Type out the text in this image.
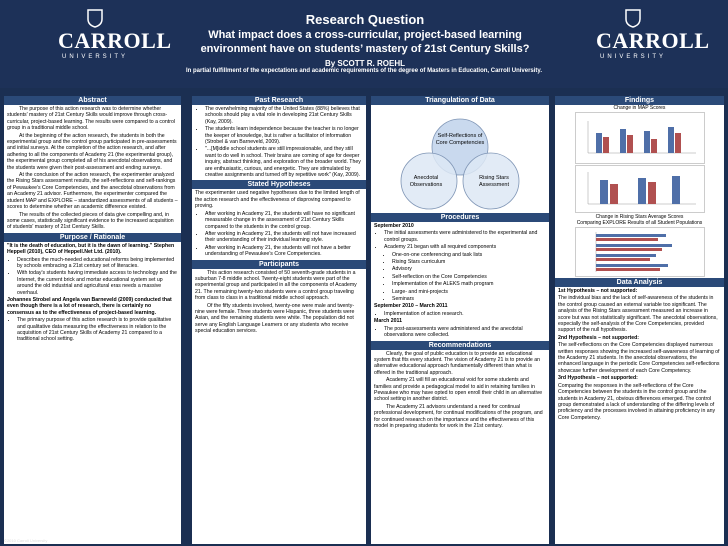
CARROLL
UNIVERSITY
Research Question
What impact does a cross-curricular, project-based learning
environment have on students’ mastery of 21st Century Skills?
By SCOTT R. ROEHL
In partial fulfillment of the expectations and academic requirements of the degree of Masters in Education, Carroll University.
CARROLL
UNIVERSITY
Abstract

The purpose of this action research was to determine whether students' mastery of 21st Century Skills would improve through cross-curricular, project-based learning. The results were compared to a control group in a traditional middle school.

At the beginning of the action research, the students in both the experimental group and the control group participated in pre-assessments and initial surveys. At the completion of the action research, and after adhering to all the components of Academy 21 (the experimental group), the experimental group completed all of his anecdotal observations, and the students were given their post-assessment and ending surveys.

At the conclusion of the action research, the experimenter analyzed the Rising Stars assessment results, the self-reflections and self-rankings of Pewaukee's Core Competencies, and the anecdotal observations from an Academy 21 advisor. Furthermore, the experimenter compared the student MAP and EXPLORE – standardized assessments of all students – scores to determine whether an academic difference existed.

The results of the collected pieces of data give compelling and, in some cases, statistically significant evidence to the increased acquisition of students' mastery of 21st Century Skills.

Purpose / Rationale

"It is the death of education, but it is the dawn of learning." Stephen Heppell (2010), CEO of Heppell.Net Ltd. (2010).

• Describes the much-needed educational reforms being implemented by schools embracing a 21st century set of literacies.
• With today's students having immediate access to technology and the Internet, the current brick and mortar educational system set up around the old industrial and agricultural eras needs a massive overhaul.

Johannes Strobel and Angela van Barneveld (2009) conducted that even though there is a lot of research, there is certainly no consensus as to the effectiveness of project-based learning.

• The primary purpose of this action research is to provide qualitative and qualitative data measuring the effectiveness in relation to the acquisition of 21st Century Skills of Academy 21 compared to a traditional school setting.
Past Research
• The overwhelming majority of the United States (88%) believes that schools should play a vital role in developing 21st Century Skills (Kay, 2009).
• The students learn independence because the teacher is no longer the keeper of knowledge, but is rather a facilitator of information (Strobel & van Barneveld, 2009).
• "...[M]iddle school students are still impressionable, and they still want to do well in school. Their brains are coming of age for deeper inquiry, abstract thinking, and exploration of the broader world. They are enthusiastic, curious, and energetic. They are stimulated by creative assignments and turned off by repetitive work" (Kay, 2009).
Stated Hypotheses

The experimenter used negative hypotheses due to the limited length of the action research and the effectiveness of disproving compared to proving.

• After working in Academy 21, the students will have no significant measurable change in the assessment of 21st Century Skills compared to the students in the control group.
• After working in Academy 21, the students will not have increased their understanding of their individual learning style.
• After working in Academy 21, the students will not have a better understanding of Pewaukee's Core Competencies.
Participants

This action research consisted of 50 seventh-grade students in a suburban 7-8 middle school. Twenty-eight students were part of the experimental group and participated in all the components of Academy 21. The remaining twenty-two students were a control group traveling from class to class in a traditional middle school approach.

Of the fifty students involved, twenty-one were male and twenty-nine were female. Three students were Hispanic, three students were Asian, and the remaining students were white. The population did not serve any English Language Learners or any students who receive special education services.

Triangulation of Data
Self-Reflections of Core Competencies
Anecdotal Observations
Rising Stars Assessment
Procedures

September 2010

• The initial assessments were administered to the experimental and control groups.
• Academy 21 began with all required components
• One-on-one conferencing and task lists
• Rising Stars curriculum
• Advisory
• Self-reflection on the Core Competencies
• Implementation of the ALEKS math program
• Large- and mini-projects
• Seminars

September 2010 – March 2011

• Implementation of action research.

March 2011

• The post-assessments were administered and the anecdotal observations were collected.
Recommendations

Clearly, the goal of public education is to provide an educational system that fits every student. The vision of Academy 21 is to provide an alternative educational approach fundamentally different than what is offered in the traditional approach.

Academy 21 will fill an educational void for some students and families and provide a pedagogical model to aid in retaining families in Pewaukee who may have opted to open enroll their child in an alternative school setting in another district.

The Academy 21 advisors understand a need for continual professional development, for continual modifications of the program, and for continued research on the importance and the effectiveness of this model in preparing students for work in the 21st century.

Findings
Change in MAP Scores
Change in Rising Stars Average Scores
Comparing EXPLORE Results of all Student Populations
Data Analysis

1st Hypothesis – not supported:

The individual bias and the lack of self-awareness of the students in the control group caused an external variable too significant. The analysis of the Rising Stars assessment measured an increase in score but was not statistically significant. The anecdotal observations, especially the self-analysis of the Core Competencies, provided support of the null hypothesis.

2nd Hypothesis – not supported:

The self-reflections on the Core Competencies displayed numerous written responses showing the increased self-awareness of learning of the Academy 21 students. In the anecdotal observations, the enhanced language in the periodic Core Competencies self-reflections showcase further development of each Core Competency.

3rd Hypothesis – not supported:

Comparing the responses in the self-reflections of the Core Competencies between the students in the control group and the students in Academy 21, obvious differences emerged. The control group demonstrated a lack of understanding of the differing levels of proficiency and the processes involved in attaining proficiency in any Core Competency.

©2010 Carroll University
